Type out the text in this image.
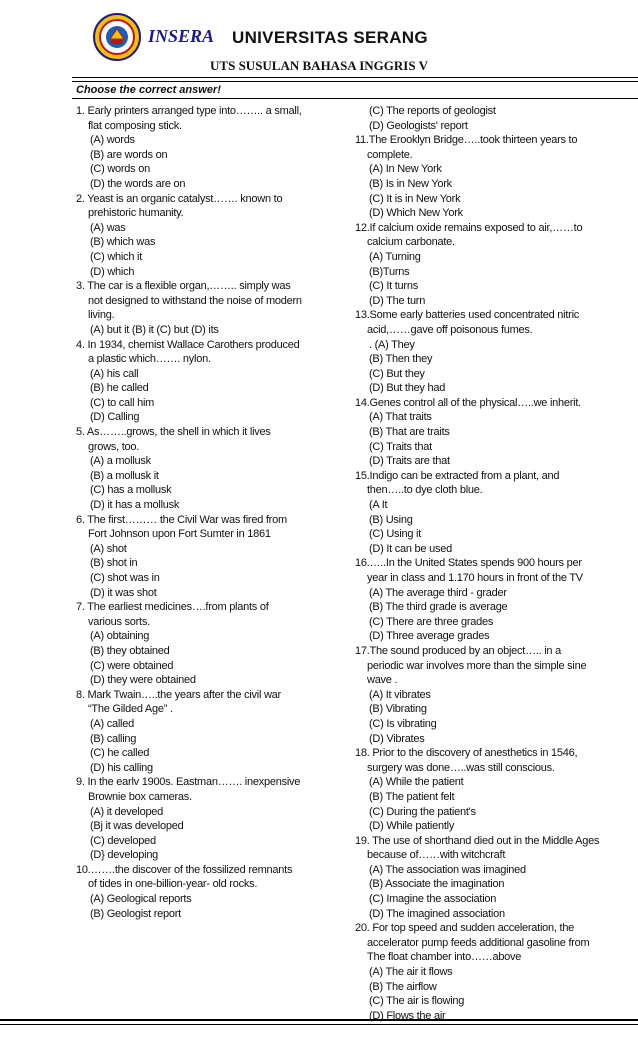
INSERA UNIVERSITAS SERANG
UTS SUSULAN BAHASA INGGRIS V
Choose the correct answer!
1. Early printers arranged type into…….. a small,
flat composing stick.
(A) words
(B) are words on
(C) words on
(D) the words are on
2. Yeast is an organic catalyst……. known to
prehistoric humanity.
(A) was
(B) which was
(C) which it
(D) which
3. The car is a flexible organ,…….. simply was
not designed to withstand the noise of modern
living.
(A) but it (B) it (C) but (D) its
4. In 1934, chemist Wallace Carothers produced
a plastic which……. nylon.
(A) his call
(B) he called
(C) to call him
(D) Calling
5. As……..grows, the shell in which it lives
grows, too.
(A) a mollusk
(B) a mollusk it
(C) has a mollusk
(D) it has a mollusk
6. The first……… the Civil War was fired from
Fort Johnson upon Fort Sumter in 1861
(A) shot
(B) shot in
(C) shot was in
(D) it was shot
7. The earliest medicines….from plants of
various sorts.
(A) obtaining
(B) they obtained
(C) were obtained
(D) they were obtained
8. Mark Twain…..the years after the civil war
“The Gilded Age” .
(A) called
(B) calling
(C) he called
(D) his calling
9. In the earlv 1900s. Eastman……. inexpensive
Brownie box cameras.
(A) it developed
(Bj it was developed
(C) developed
(D} developing
10.…….the discover of the fossilized remnants
of tides in one-billion-year- old rocks.
(A) Geological reports
(B) Geologist report
(C) The reports of geologist
(D) Geologists' report
11.The Erooklyn Bridge…..took thirteen years to
complete.
(A) In New York
(B) Is in New York
(C) It is in New York
(D) Which New York
12.If calcium oxide remains exposed to air,……to
calcium carbonate.
(A) Turning
(B)Turns
(C) It turns
(D) The turn
13.Some early batteries used concentrated nitric
acid,……gave off poisonous fumes.
. (A) They
(B) Then they
(C) But they
(D) But they had
14.Genes control all of the physical…..we inherit.
(A) That traits
(B) That are traits
(C) Traits that
(D) Traits are that
15.Indigo can be extracted from a plant, and
then…..to dye cloth blue.
(A It
(B) Using
(C) Using it
(D) It can be used
16.…..In the United States spends 900 hours per
year in class and 1.170 hours in front of the TV
(A) The average third - grader
(B) The third grade is average
(C) There are three grades
(D) Three average grades
17.The sound produced by an object….. in a
periodic war involves more than the simple sine
wave .
(A) It vibrates
(B) Vibrating
(C) Is vibrating
(D) Vibrates
18. Prior to the discovery of anesthetics in 1546,
surgery was done…..was still conscious.
(A) While the patient
(B) The patient felt
(C) During the patient's
(D) While patiently
19. The use of shorthand died out in the Middle Ages
because of……with witchcraft
(A) The association was imagined
(B) Associate the imagination
(C) Imagine the association
(D) The imagined association
20. For top speed and sudden acceleration, the
accelerator pump feeds additional gasoline from
The float chamber into……above
(A) The air it flows
(B) The airflow
(C) The air is flowing
(D) Flows the air
